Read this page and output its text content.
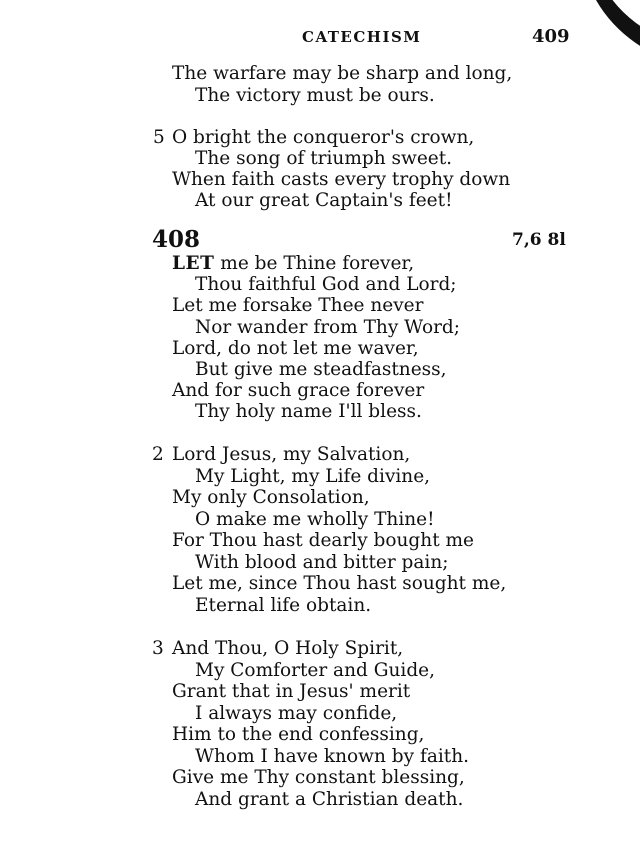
CATECHISM	409
The warfare may be sharp and long,
The victory must be ours.
5 O bright the conqueror's crown,
The song of triumph sweet.
When faith casts every trophy down
At our great Captain's feet!
408	7,6 8l
LET me be Thine forever,
Thou faithful God and Lord;
Let me forsake Thee never
Nor wander from Thy Word;
Lord, do not let me waver,
But give me steadfastness,
And for such grace forever
Thy holy name I'll bless.
2 Lord Jesus, my Salvation,
My Light, my Life divine,
My only Consolation,
O make me wholly Thine!
For Thou hast dearly bought me
With blood and bitter pain;
Let me, since Thou hast sought me,
Eternal life obtain.
3 And Thou, O Holy Spirit,
My Comforter and Guide,
Grant that in Jesus' merit
I always may confide,
Him to the end confessing,
Whom I have known by faith.
Give me Thy constant blessing,
And grant a Christian death.
